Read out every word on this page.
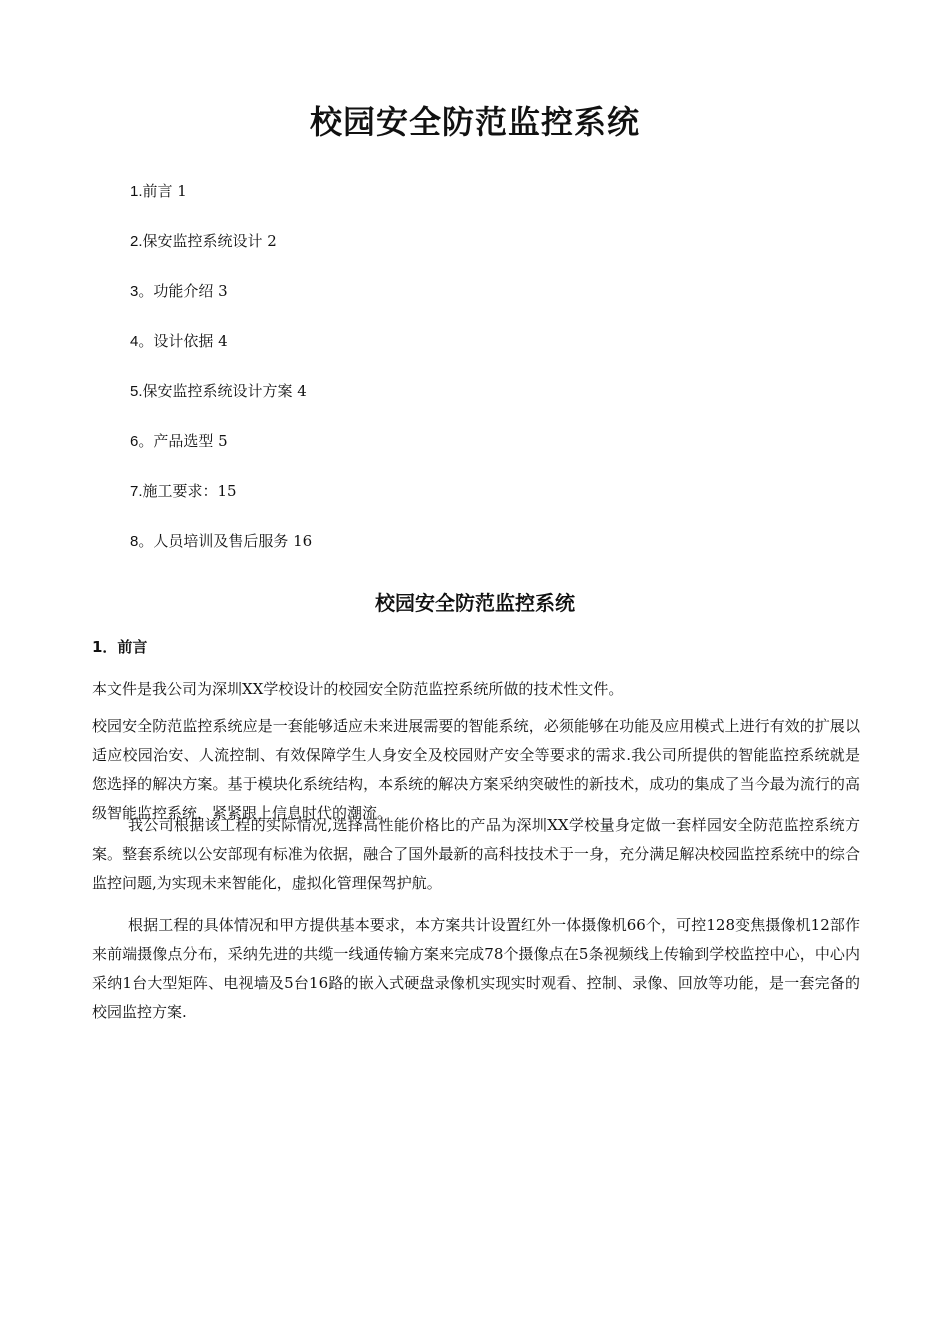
校园安全防范监控系统
1.前言 1
2.保安监控系统设计 2
3。功能介绍 3
4。设计依据 4
5.保安监控系统设计方案 4
6。产品选型 5
7.施工要求：15
8。人员培训及售后服务 16
校园安全防范监控系统
1．前言

本文件是我公司为深圳XX学校设计的校园安全防范监控系统所做的技术性文件。

校园安全防范监控系统应是一套能够适应未来进展需要的智能系统，必须能够在功能及应用模式上进行有效的扩展以适应校园治安、人流控制、有效保障学生人身安全及校园财产安全等要求的需求.我公司所提供的智能监控系统就是您选择的解决方案。基于模块化系统结构，本系统的解决方案采纳突破性的新技术，成功的集成了当今最为流行的高级智能监控系统，紧紧跟上信息时代的潮流。

我公司根据该工程的实际情况,选择高性能价格比的产品为深圳XX学校量身定做一套样园安全防范监控系统方案。整套系统以公安部现有标准为依据，融合了国外最新的高科技技术于一身，充分满足解决校园监控系统中的综合监控问题,为实现未来智能化，虚拟化管理保驾护航。

根据工程的具体情况和甲方提供基本要求，本方案共计设置红外一体摄像机66个，可控128变焦摄像机12部作来前端摄像点分布，采纳先进的共缆一线通传输方案来完成78个摄像点在5条视频线上传输到学校监控中心，中心内采纳1台大型矩阵、电视墙及5台16路的嵌入式硬盘录像机实现实时观看、控制、录像、回放等功能，是一套完备的校园监控方案.
